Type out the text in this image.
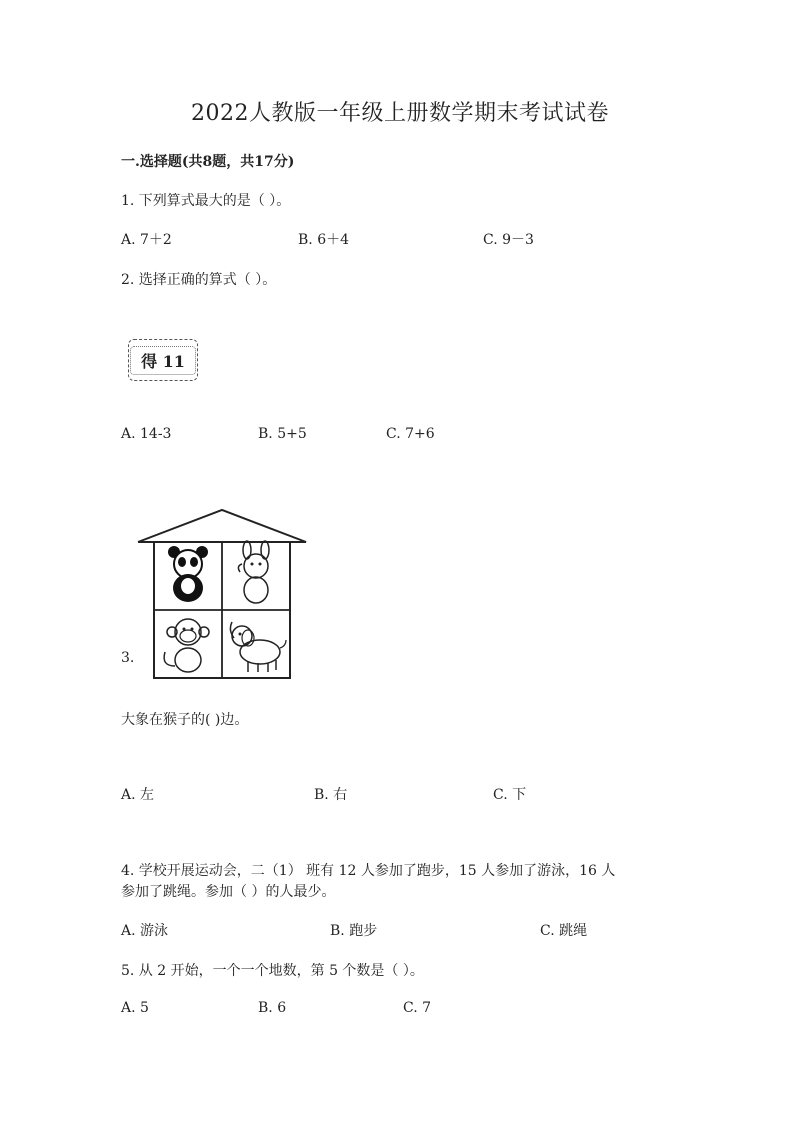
2022人教版一年级上册数学期末考试试卷
一.选择题(共8题，共17分)
1. 下列算式最大的是（ ）。
A. 7＋2	B. 6＋4	C. 9－3
2. 选择正确的算式（ ）。
得 11
A. 14-3	B. 5+5	C. 7+6
3.
大象在猴子的( )边。
A. 左	B. 右	C. 下
4. 学校开展运动会，二（1） 班有 12 人参加了跑步，15 人参加了游泳，16 人
参加了跳绳。参加（ ）的人最少。
A. 游泳	B. 跑步	C. 跳绳
5. 从 2 开始，一个一个地数，第 5 个数是（ ）。
A. 5	B. 6	C. 7
